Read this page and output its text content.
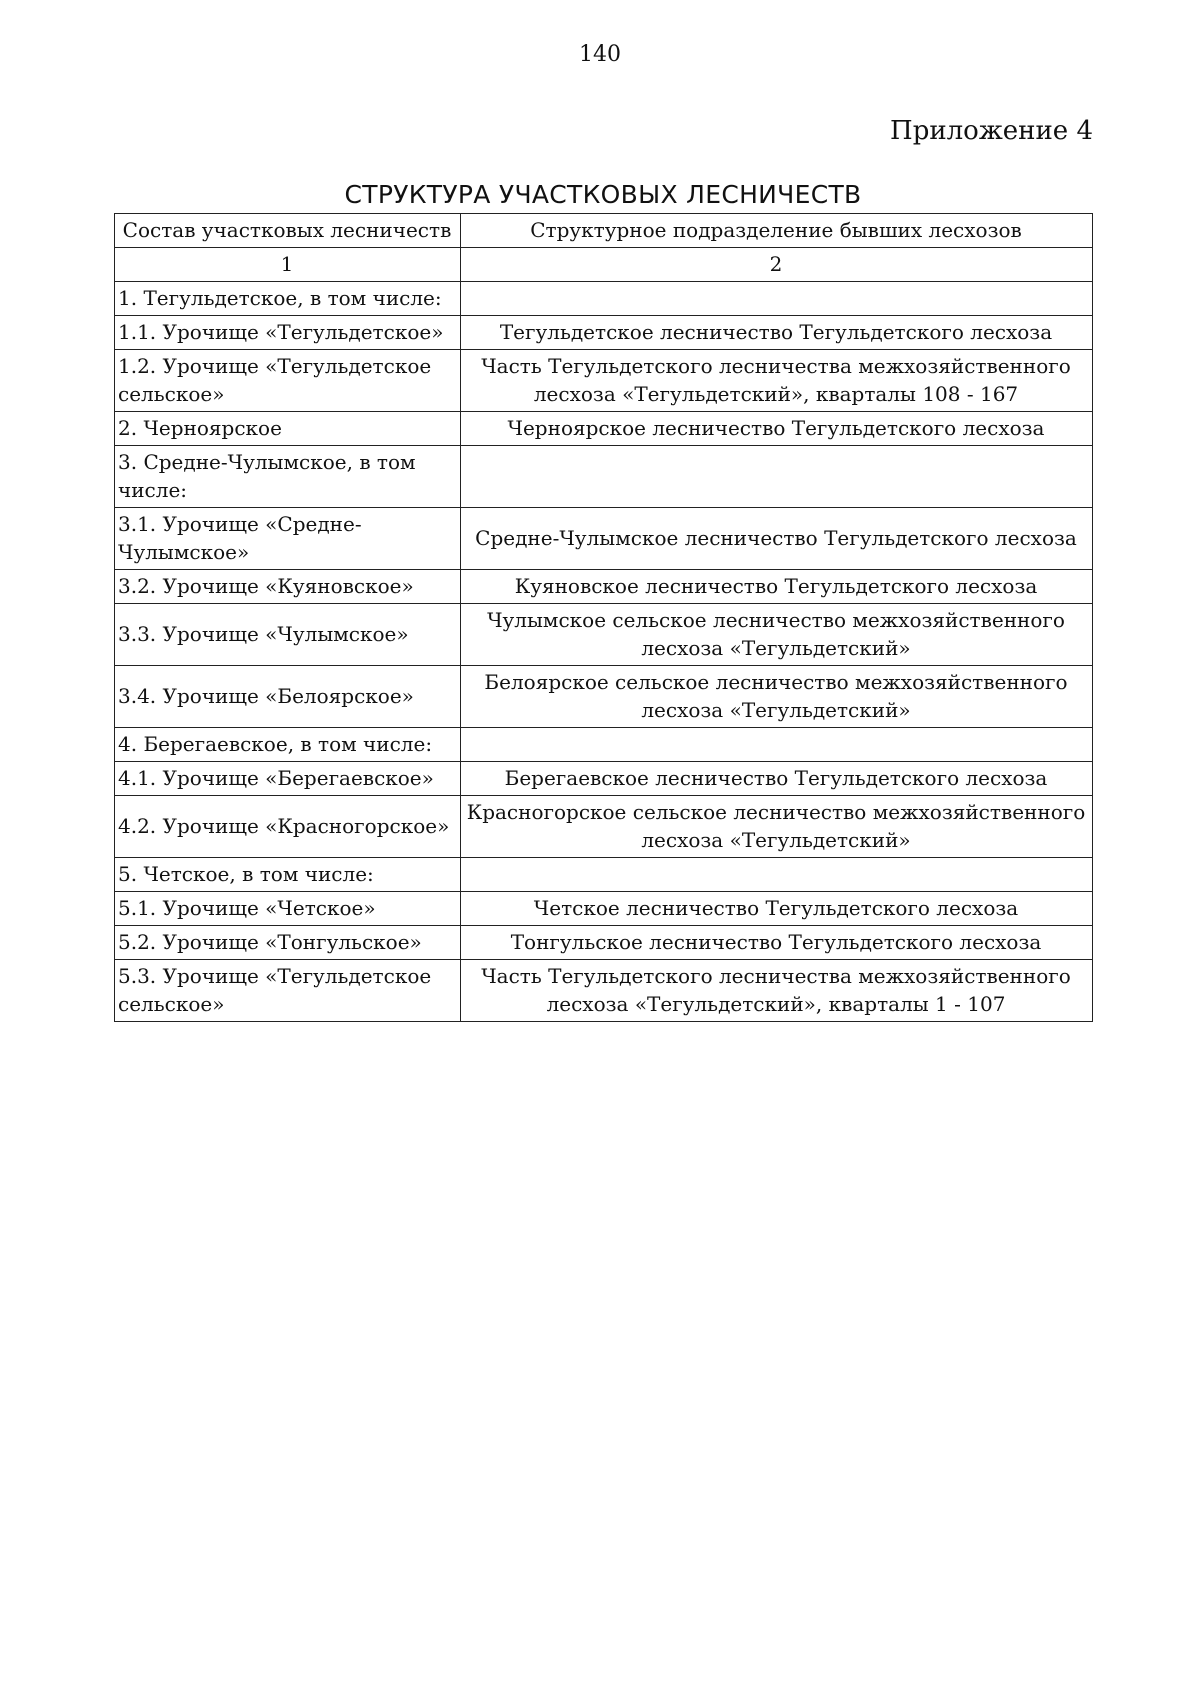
140
Приложение 4
СТРУКТУРА УЧАСТКОВЫХ ЛЕСНИЧЕСТВ
Состав участковых лесничеств	Структурное подразделение бывших лесхозов
1	2
1. Тегульдетское, в том числе:	
1.1. Урочище «Тегульдетское»	Тегульдетское лесничество Тегульдетского лесхоза
1.2. Урочище «Тегульдетское сельское»	Часть Тегульдетского лесничества межхозяйственного лесхоза «Тегульдетский», кварталы 108 - 167
2. Черноярское	Черноярское лесничество Тегульдетского лесхоза
3. Средне-Чулымское, в том числе:	
3.1. Урочище «Средне-Чулымское»	Средне-Чулымское лесничество Тегульдетского лесхоза
3.2. Урочище «Куяновское»	Куяновское лесничество Тегульдетского лесхоза
3.3. Урочище «Чулымское»	Чулымское сельское лесничество межхозяйственного лесхоза «Тегульдетский»
3.4. Урочище «Белоярское»	Белоярское сельское лесничество межхозяйственного лесхоза «Тегульдетский»
4. Берегаевское, в том числе:	
4.1. Урочище «Берегаевское»	Берегаевское лесничество Тегульдетского лесхоза
4.2. Урочище «Красногорское»	Красногорское сельское лесничество межхозяйственного лесхоза «Тегульдетский»
5. Четское, в том числе:	
5.1. Урочище «Четское»	Четское лесничество Тегульдетского лесхоза
5.2. Урочище «Тонгульское»	Тонгульское лесничество Тегульдетского лесхоза
5.3. Урочище «Тегульдетское сельское»	Часть Тегульдетского лесничества межхозяйственного лесхоза «Тегульдетский», кварталы 1 - 107
